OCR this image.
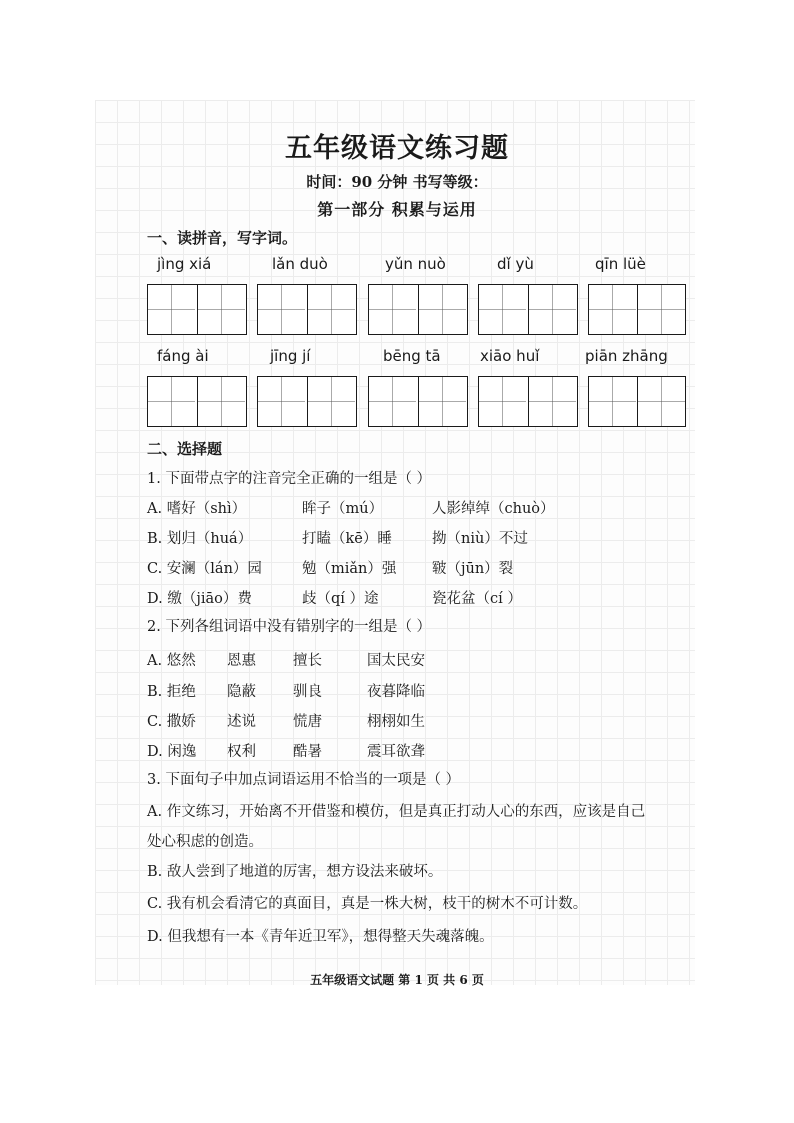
五年级语文练习题
时间：90 分钟 书写等级：
第一部分 积累与运用
一、读拼音，写字词。
jìng xiá	lǎn duò	yǔn nuò	dǐ yù	qīn lüè
fáng ài	jīng jí	bēng tā	xiāo huǐ	piān zhāng
二、选择题
1. 下面带点字的注音完全正确的一组是（ ）
A. 嗜好（shì）	眸子（mú）	人影绰绰（chuò）
B. 划归（huá）	打瞌（kē）睡	拗（niù）不过
C. 安澜（lán）园	勉（miǎn）强 皲（jūn）裂
D. 缴（jiāo）费	歧（qí ）途	瓷花盆（cí ）
2. 下列各组词语中没有错别字的一组是（ ）
A. 悠然 恩惠	擅长	国太民安
B. 拒绝 隐蔽	驯良	夜暮降临
C. 撒娇 述说	慌唐	栩栩如生
D. 闲逸 权利	酷暑	震耳欲聋
3. 下面句子中加点词语运用不恰当的一项是（ ）
A. 作文练习，开始离不开借鉴和模仿，但是真正打动人心的东西，应该是自己
处心积虑的创造。
B. 敌人尝到了地道的厉害，想方设法来破坏。
C. 我有机会看清它的真面目，真是一株大树，枝干的树木不可计数。
D. 但我想有一本《青年近卫军》，想得整天失魂落魄。
五年级语文试题 第 1 页 共 6 页
